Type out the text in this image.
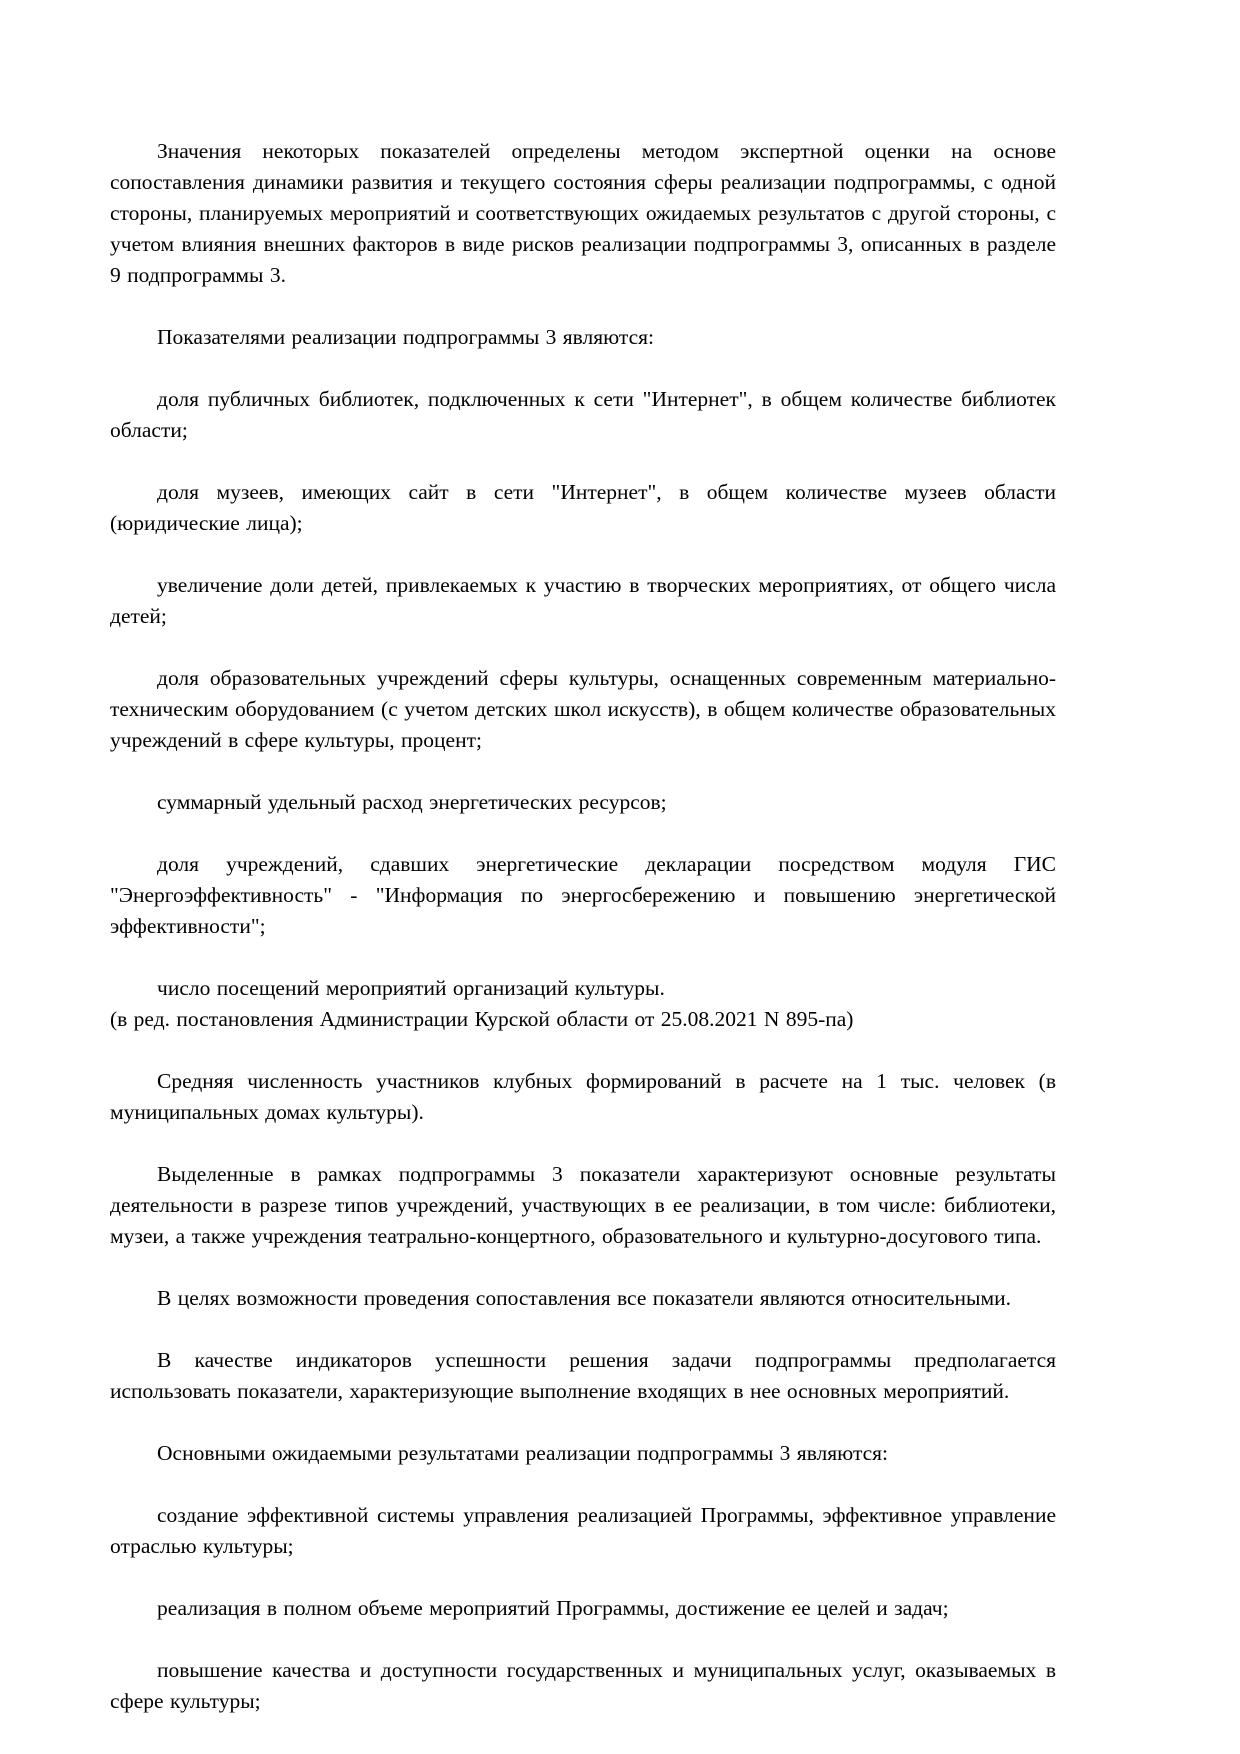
Значения некоторых показателей определены методом экспертной оценки на основе сопоставления динамики развития и текущего состояния сферы реализации подпрограммы, с одной стороны, планируемых мероприятий и соответствующих ожидаемых результатов с другой стороны, с учетом влияния внешних факторов в виде рисков реализации подпрограммы 3, описанных в разделе 9 подпрограммы 3.

Показателями реализации подпрограммы 3 являются:

доля публичных библиотек, подключенных к сети "Интернет", в общем количестве библиотек области;

доля музеев, имеющих сайт в сети "Интернет", в общем количестве музеев области (юридические лица);

увеличение доли детей, привлекаемых к участию в творческих мероприятиях, от общего числа детей;

доля образовательных учреждений сферы культуры, оснащенных современным материально-техническим оборудованием (с учетом детских школ искусств), в общем количестве образовательных учреждений в сфере культуры, процент;

суммарный удельный расход энергетических ресурсов;

доля учреждений, сдавших энергетические декларации посредством модуля ГИС "Энергоэффективность" - "Информация по энергосбережению и повышению энергетической эффективности";

число посещений мероприятий организаций культуры.

(в ред. постановления Администрации Курской области от 25.08.2021 N 895-па)

Средняя численность участников клубных формирований в расчете на 1 тыс. человек (в муниципальных домах культуры).

Выделенные в рамках подпрограммы 3 показатели характеризуют основные результаты деятельности в разрезе типов учреждений, участвующих в ее реализации, в том числе: библиотеки, музеи, а также учреждения театрально-концертного, образовательного и культурно-досугового типа.

В целях возможности проведения сопоставления все показатели являются относительными.

В качестве индикаторов успешности решения задачи подпрограммы предполагается использовать показатели, характеризующие выполнение входящих в нее основных мероприятий.

Основными ожидаемыми результатами реализации подпрограммы 3 являются:

создание эффективной системы управления реализацией Программы, эффективное управление отраслью культуры;

реализация в полном объеме мероприятий Программы, достижение ее целей и задач;

повышение качества и доступности государственных и муниципальных услуг, оказываемых в сфере культуры;
